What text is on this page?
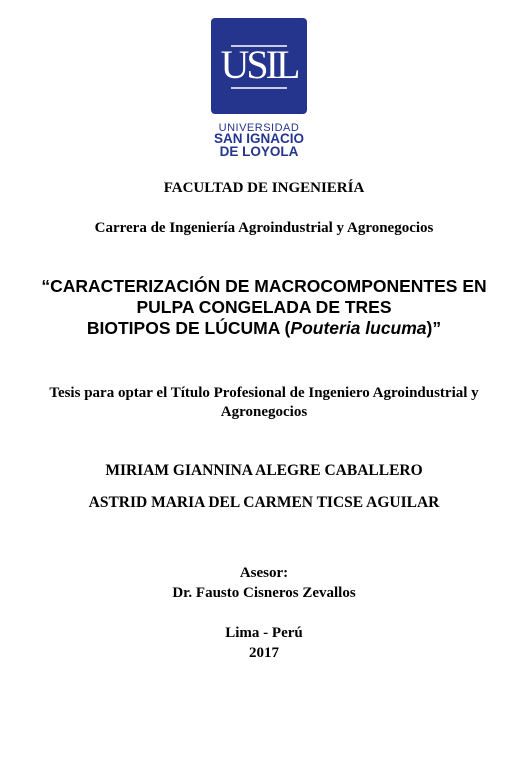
USIL
UNIVERSIDAD
SAN IGNACIO
DE LOYOLA
FACULTAD DE INGENIERÍA
Carrera de Ingeniería Agroindustrial y Agronegocios
“CARACTERIZACIÓN DE MACROCOMPONENTES EN
PULPA CONGELADA DE TRES
BIOTIPOS DE LÚCUMA (Pouteria lucuma)”
Tesis para optar el Título Profesional de Ingeniero Agroindustrial y
Agronegocios
MIRIAM GIANNINA ALEGRE CABALLERO
ASTRID MARIA DEL CARMEN TICSE AGUILAR
Asesor:
Dr. Fausto Cisneros Zevallos
Lima - Perú
2017
